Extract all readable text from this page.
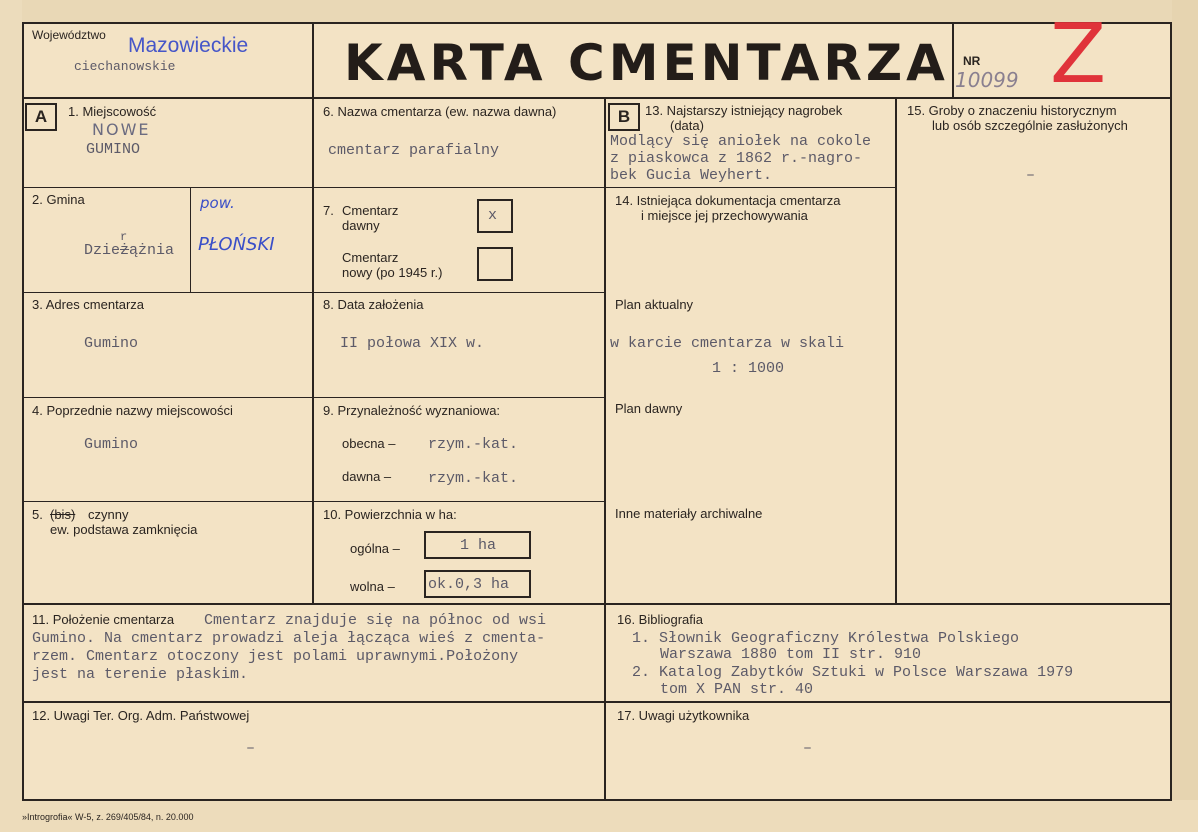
Województwo Mazowieckie
ciechanowskie	KARTA CMENTARZA NR
10099 Z
A	B
1. Miejscowość
NOWE
GUMINO
2. Gmina
Dzieżążnia
r
pow.
PŁOŃSKI
3. Adres cmentarza
Gumino
4. Poprzednie nazwy miejscowości
Gumino
5. (bis) czynny
ew. podstawa zamknięcia
6. Nazwa cmentarza (ew. nazwa dawna)
cmentarz parafialny
7. Cmentarz
dawny
x
Cmentarz
nowy (po 1945 r.)
8. Data założenia
II połowa XIX w.
9. Przynależność wyznaniowa:
obecna – rzym.-kat.
dawna – rzym.-kat.
10. Powierzchnia w ha:
ogólna –	1 ha
wolna – ok.0,3 ha
13. Najstarszy istniejący nagrobek
(data)
Modlący się aniołek na cokole
z piaskowca z 1862 r.-nagro-
bek Gucia Weyhert.
14. Istniejąca dokumentacja cmentarza
i miejsce jej przechowywania
Plan aktualny
w karcie cmentarza w skali
1 : 1000
Plan dawny
Inne materiały archiwalne
15. Groby o znaczeniu historycznym
lub osób szczególnie zasłużonych
–
11. Położenie cmentarza Cmentarz znajduje się na północ od wsi
Gumino. Na cmentarz prowadzi aleja łącząca wieś z cmenta-
rzem. Cmentarz otoczony jest polami uprawnymi.Położony
jest na terenie płaskim.
16. Bibliografia
1. Słownik Geograficzny Królestwa Polskiego
Warszawa 1880 tom II str. 910
2. Katalog Zabytków Sztuki w Polsce Warszawa 1979
tom X PAN str. 40
12. Uwagi Ter. Org. Adm. Państwowej
–
17. Uwagi użytkownika
–
»Introgrofia« W-5, z. 269/405/84, n. 20.000
